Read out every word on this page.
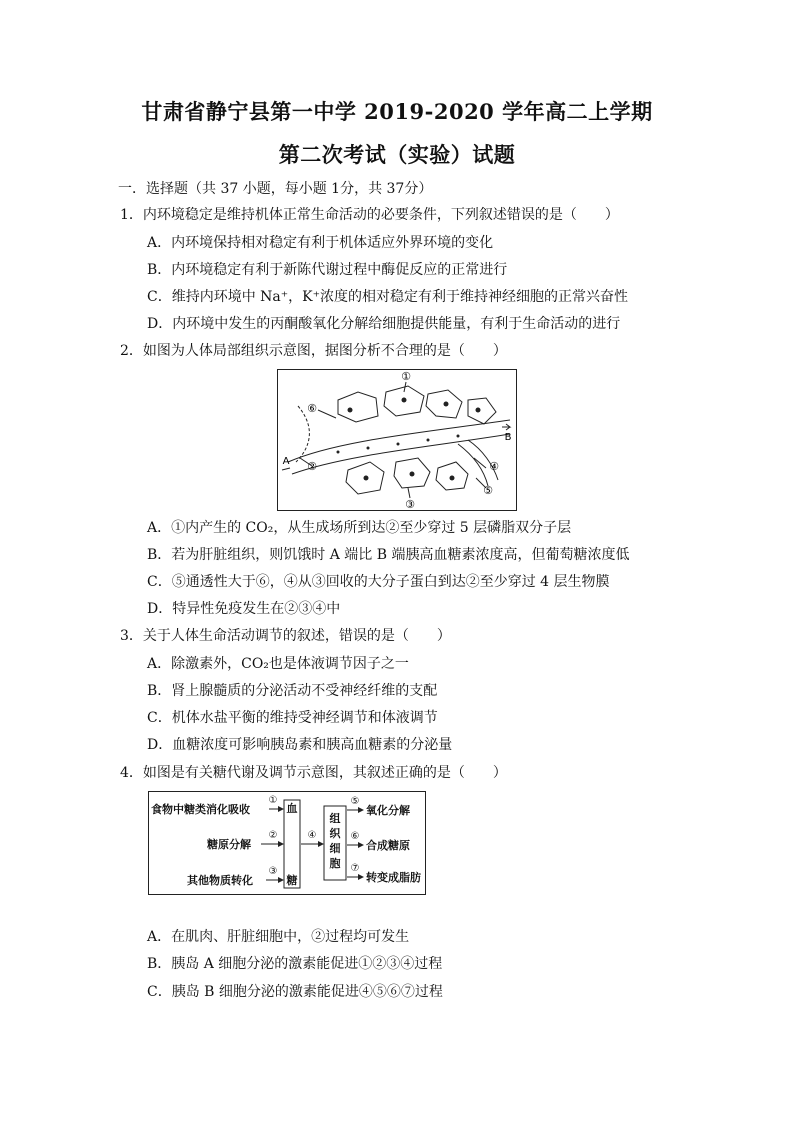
甘肃省静宁县第一中学 2019-2020 学年高二上学期
第二次考试（实验）试题
一．选择题（共 37 小题，每小题 1分，共 37分）
1．内环境稳定是维持机体正常生命活动的必要条件，下列叙述错误的是（　　）
A．内环境保持相对稳定有利于机体适应外界环境的变化
B．内环境稳定有利于新陈代谢过程中酶促反应的正常进行
C．维持内环境中 Na⁺，K⁺浓度的相对稳定有利于维持神经细胞的正常兴奋性
D．内环境中发生的丙酮酸氧化分解给细胞提供能量，有利于生命活动的进行
2．如图为人体局部组织示意图，据图分析不合理的是（　　）
①
②
③
④
⑤
⑥
A
B
A．①内产生的 CO₂，从生成场所到达②至少穿过 5 层磷脂双分子层
B．若为肝脏组织，则饥饿时 A 端比 B 端胰高血糖素浓度高，但葡萄糖浓度低
C．⑤通透性大于⑥，④从③回收的大分子蛋白到达②至少穿过 4 层生物膜
D．特异性免疫发生在②③④中
3．关于人体生命活动调节的叙述，错误的是（　　）
A．除激素外，CO₂也是体液调节因子之一
B．肾上腺髓质的分泌活动不受神经纤维的支配
C．机体水盐平衡的维持受神经调节和体液调节
D．血糖浓度可影响胰岛素和胰高血糖素的分泌量
4．如图是有关糖代谢及调节示意图，其叙述正确的是（　　）
食物中糖类消化吸收
糖原分解
其他物质转化
血
糖
组
织
细
胞
氧化分解
合成糖原
转变成脂肪
①
②
③
④
⑤
⑥
⑦
A．在肌肉、肝脏细胞中，②过程均可发生
B．胰岛 A 细胞分泌的激素能促进①②③④过程
C．胰岛 B 细胞分泌的激素能促进④⑤⑥⑦过程
